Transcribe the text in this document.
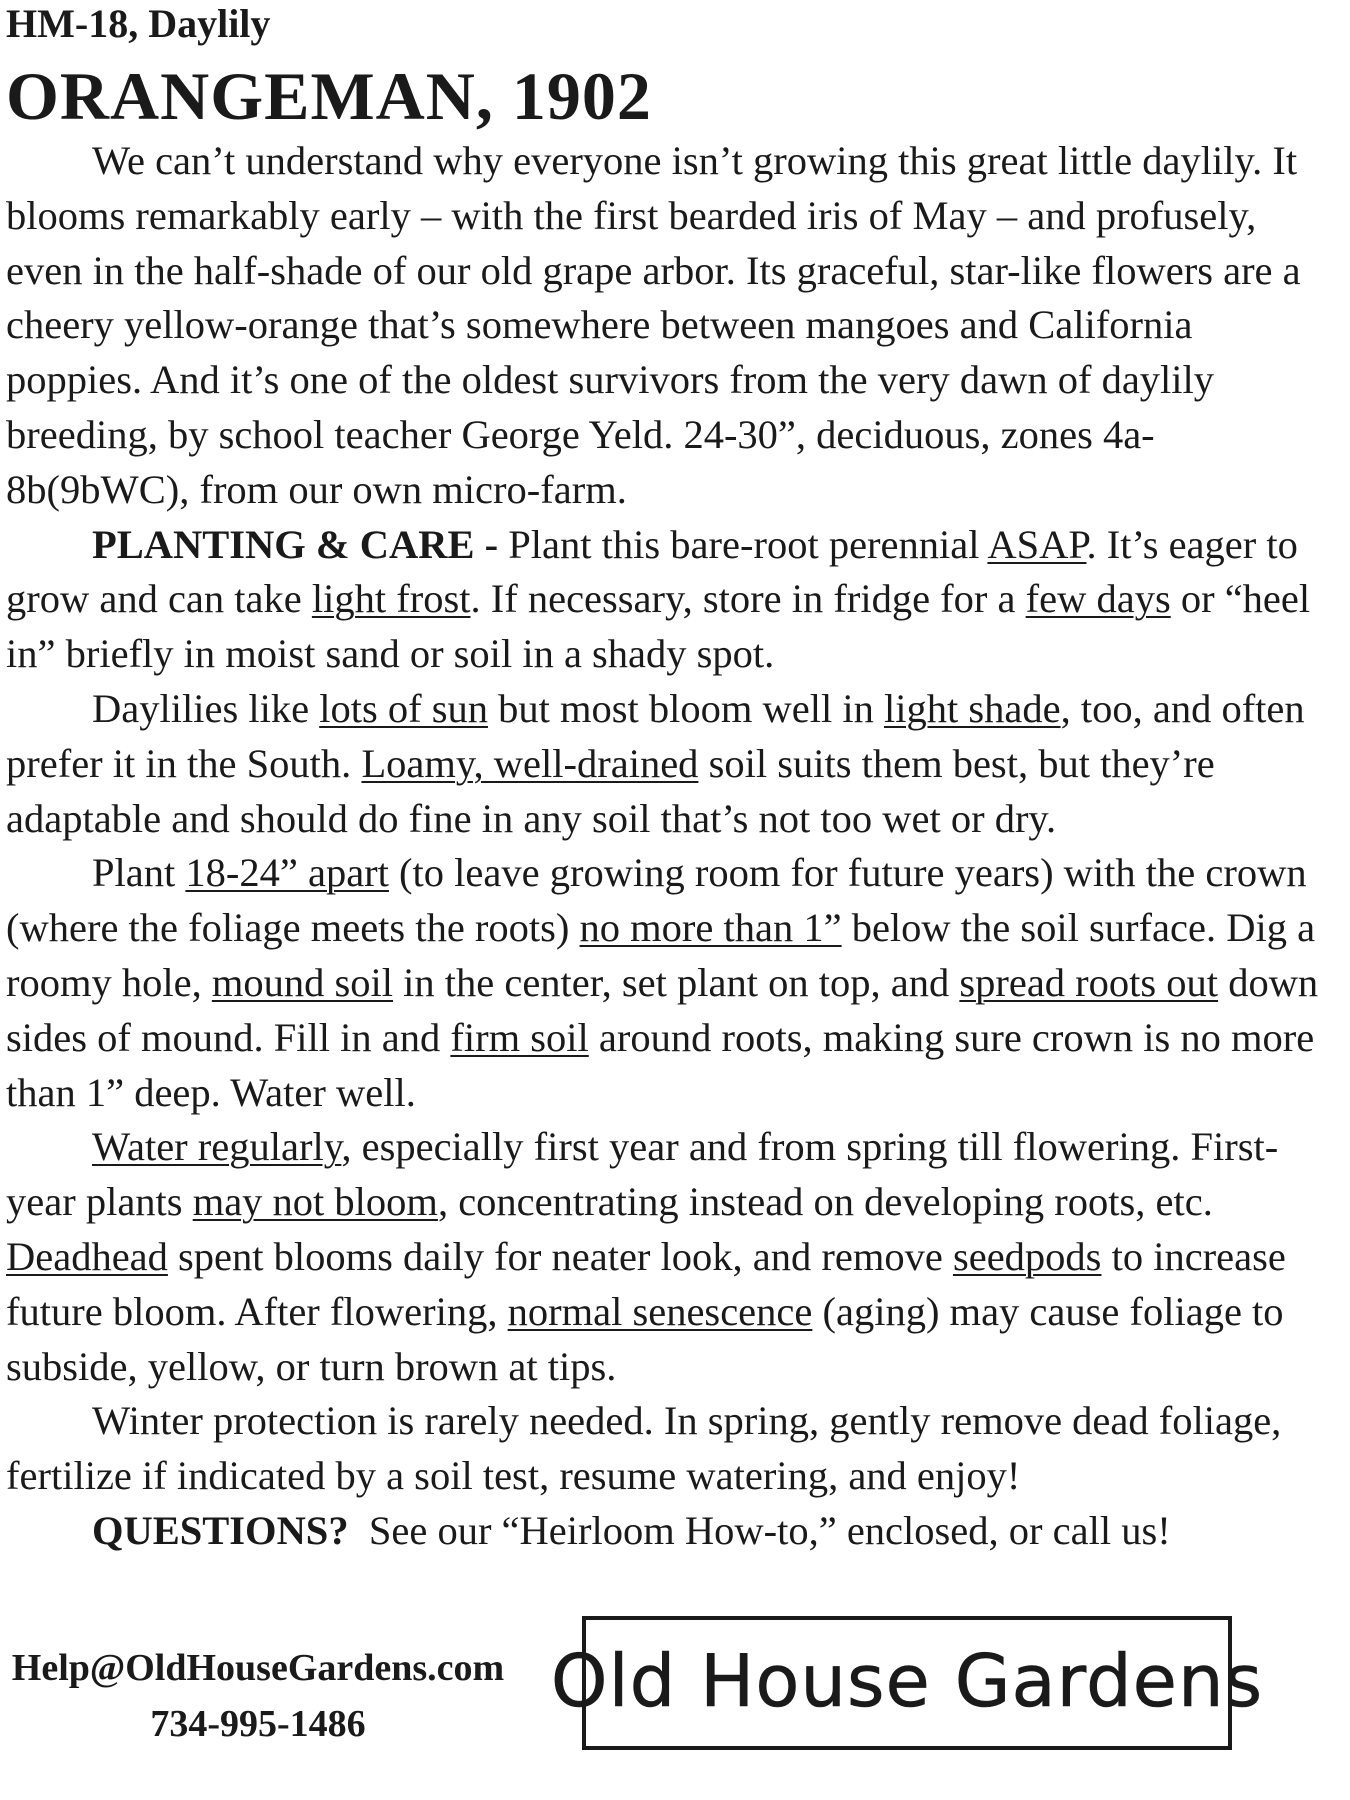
HM-18, Daylily
ORANGEMAN, 1902

We can’t understand why everyone isn’t growing this great little daylily. It blooms remarkably early – with the first bearded iris of May – and profusely, even in the half-shade of our old grape arbor. Its graceful, star-like flowers are a cheery yellow-orange that’s somewhere between mangoes and California poppies. And it’s one of the oldest survivors from the very dawn of daylily breeding, by school teacher George Yeld. 24-30”, deciduous, zones 4a-8b(9bWC), from our own micro-farm.

PLANTING & CARE - Plant this bare-root perennial ASAP. It’s eager to grow and can take light frost. If necessary, store in fridge for a few days or “heel in” briefly in moist sand or soil in a shady spot.

Daylilies like lots of sun but most bloom well in light shade, too, and often prefer it in the South. Loamy, well-drained soil suits them best, but they’re adaptable and should do fine in any soil that’s not too wet or dry.

Plant 18-24” apart (to leave growing room for future years) with the crown (where the foliage meets the roots) no more than 1” below the soil surface. Dig a roomy hole, mound soil in the center, set plant on top, and spread roots out down sides of mound. Fill in and firm soil around roots, making sure crown is no more than 1” deep. Water well.

Water regularly, especially first year and from spring till flowering. First-year plants may not bloom, concentrating instead on developing roots, etc. Deadhead spent blooms daily for neater look, and remove seedpods to increase future bloom. After flowering, normal senescence (aging) may cause foliage to subside, yellow, or turn brown at tips.

Winter protection is rarely needed. In spring, gently remove dead foliage, fertilize if indicated by a soil test, resume watering, and enjoy!

QUESTIONS?  See our “Heirloom How-to,” enclosed, or call us!

Help@OldHouseGardens.com
734-995-1486
Old House Gardens
